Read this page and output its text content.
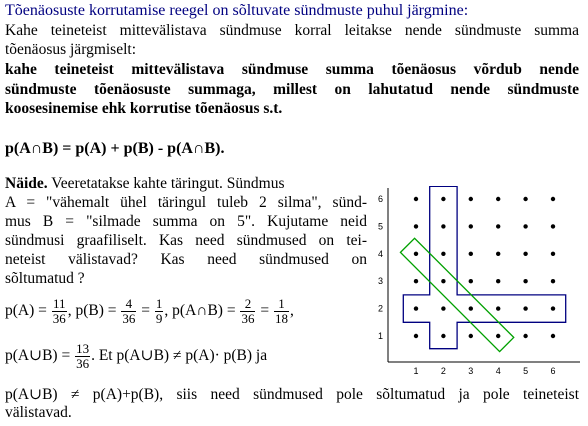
Tõenäosuste korrutamise reegel on sõltuvate sündmuste puhul järgmine:
Kahe teineteist mittevälistava sündmuse korral leitakse nende sündmuste summa
tõenäosus järgmiselt:
kahe teineteist mittevälistava sündmuse summa tõenäosus võrdub nende
sündmuste tõenäosuste summaga, millest on lahutatud nende sündmuste
koosesinemise ehk korrutise tõenäosus s.t.
p(A∩B) = p(A) + p(B) - p(A∩B).
Näide. Veeretatakse kahte täringut. Sündmus
A = "vähemalt ühel täringul tuleb 2 silma", sünd-
mus B = "silmade summa on 5". Kujutame neid
sündmusi graafiliselt. Kas need sündmused on tei-
neteist välistavad? Kas need sündmused on
sõltumatud ?
$p(A) = \frac{11}{36}$ , $p(B) = \frac{4}{36} = \frac{1}{9}$ , p(A∩B) = $\frac{2}{36} = \frac{1}{18}$ ,
p(A∪B) = $\frac{13}{36}$ . Et p(A∪B) ≠ p(A)· p(B) ja
p(A∪B) ≠ p(A)+p(B), siis need sündmused pole sõltumatud ja pole teineteist
välistavad.
1 2 3 4 5 6
1
2
3
4
5
6
